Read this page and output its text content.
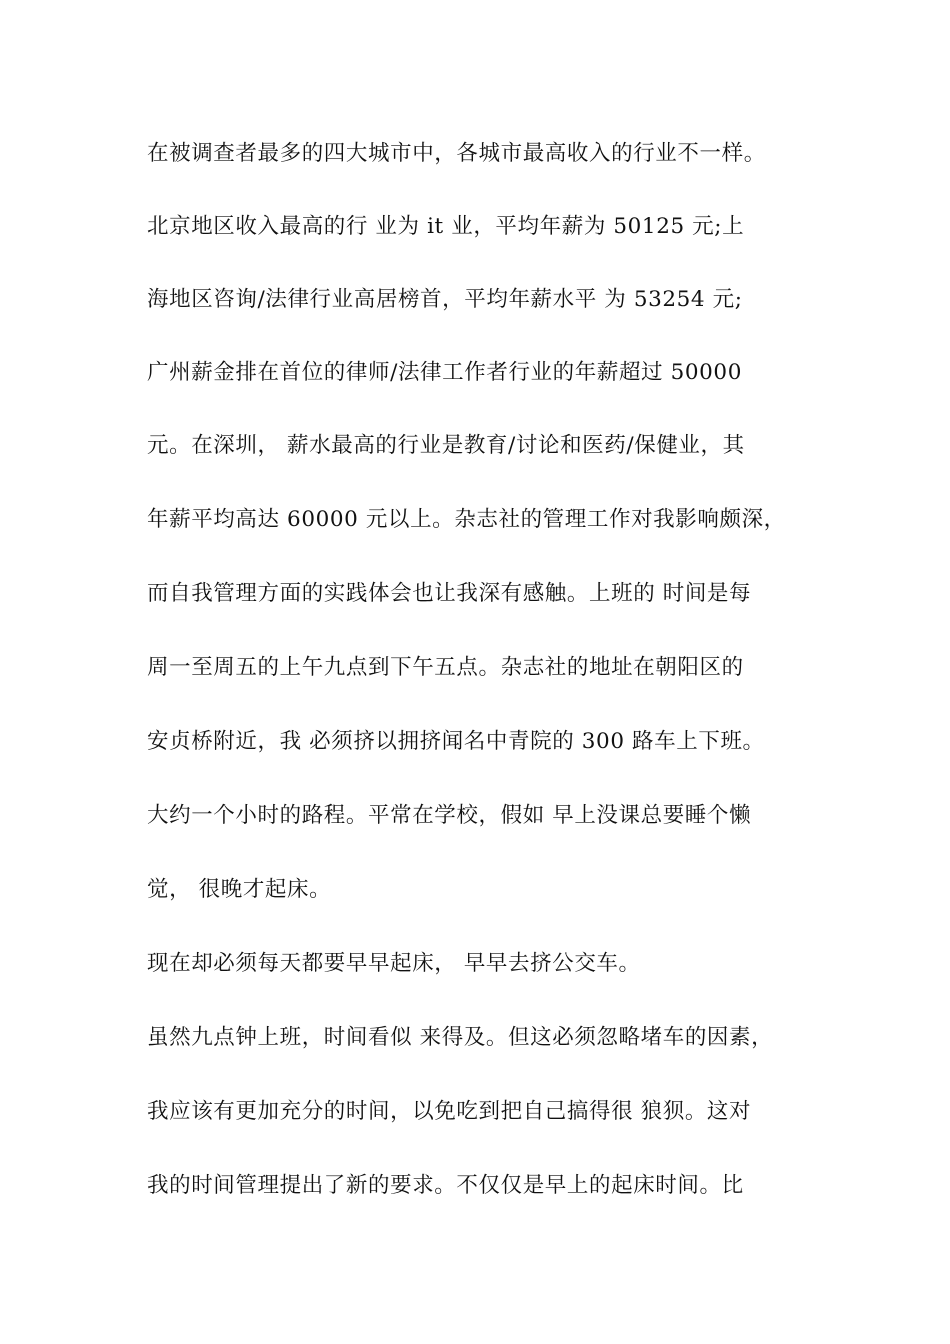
在被调查者最多的四大城市中，各城市最高收入的行业不一样。

北京地区收入最高的行 业为 it 业，平均年薪为 50125 元;上

海地区咨询/法律行业高居榜首，平均年薪水平 为 53254 元;

广州薪金排在首位的律师/法律工作者行业的年薪超过 50000

元。在深圳， 薪水最高的行业是教育/讨论和医药/保健业，其

年薪平均高达 60000 元以上。杂志社的管理工作对我影响颇深，

而自我管理方面的实践体会也让我深有感触。上班的 时间是每

周一至周五的上午九点到下午五点。杂志社的地址在朝阳区的

安贞桥附近，我 必须挤以拥挤闻名中青院的 300 路车上下班。

大约一个小时的路程。平常在学校，假如 早上没课总要睡个懒

觉， 很晚才起床。

现在却必须每天都要早早起床， 早早去挤公交车。

虽然九点钟上班，时间看似 来得及。但这必须忽略堵车的因素，

我应该有更加充分的时间，以免吃到把自己搞得很 狼狈。这对

我的时间管理提出了新的要求。不仅仅是早上的起床时间。比
